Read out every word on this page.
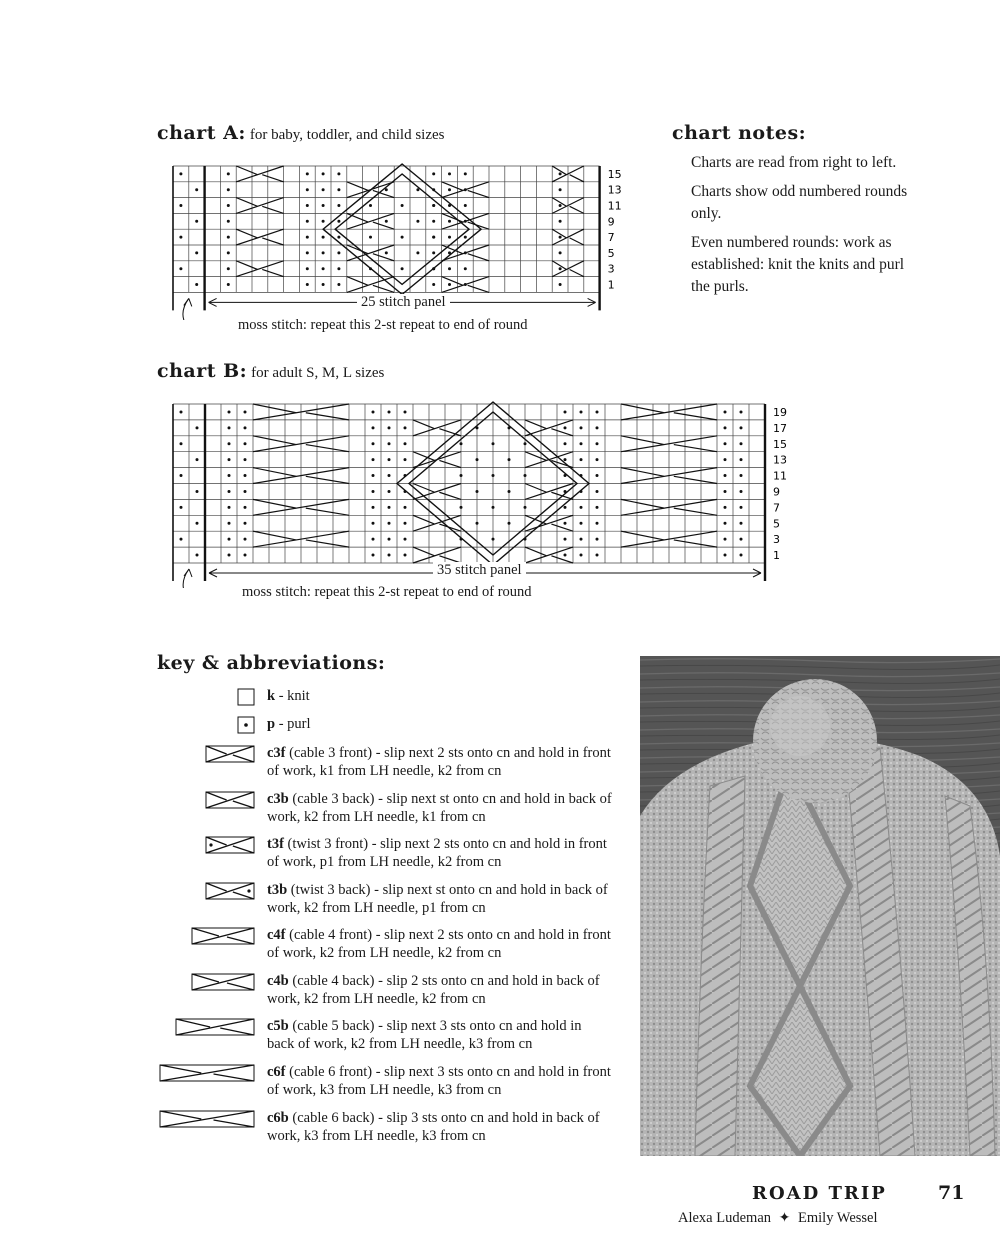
chart A: for baby, toddler, and child sizes
15
13
11
9
7
5
3
1
25 stitch panel
moss stitch: repeat this 2-st repeat to end of round
chart notes:
Charts are read from right to left.
Charts show odd numbered rounds only.
Even numbered rounds: work as established: knit the knits and purl the purls.
chart B: for adult S, M, L sizes
19
17
15
13
11
9
7
5
3
1
35 stitch panel
moss stitch: repeat this 2-st repeat to end of round
key & abbreviations:
k - knit
p - purl
c3f (cable 3 front) - slip next 2 sts onto cn and hold in front of work, k1 from LH needle, k2 from cn
c3b (cable 3 back) - slip next st onto cn and hold in back of work, k2 from LH needle, k1 from cn
t3f (twist 3 front) - slip next 2 sts onto cn and hold in front of work, p1 from LH needle, k2 from cn
t3b (twist 3 back) - slip next st onto cn and hold in back of work, k2 from LH needle, p1 from cn
c4f (cable 4 front) - slip next 2 sts onto cn and hold in front of work, k2 from LH needle, k2 from cn
c4b (cable 4 back) - slip 2 sts onto cn and hold in back of work, k2 from LH needle, k2 from cn
c5b (cable 5 back) - slip next 3 sts onto cn and hold in back of work, k2 from LH needle, k3 from cn
c6f (cable 6 front) - slip next 3 sts onto cn and hold in front of work, k3 from LH needle, k3 from cn
c6b (cable 6 back) - slip 3 sts onto cn and hold in back of work, k3 from LH needle, k3 from cn
ROAD TRIP	71
Alexa Ludeman ✦ Emily Wessel
